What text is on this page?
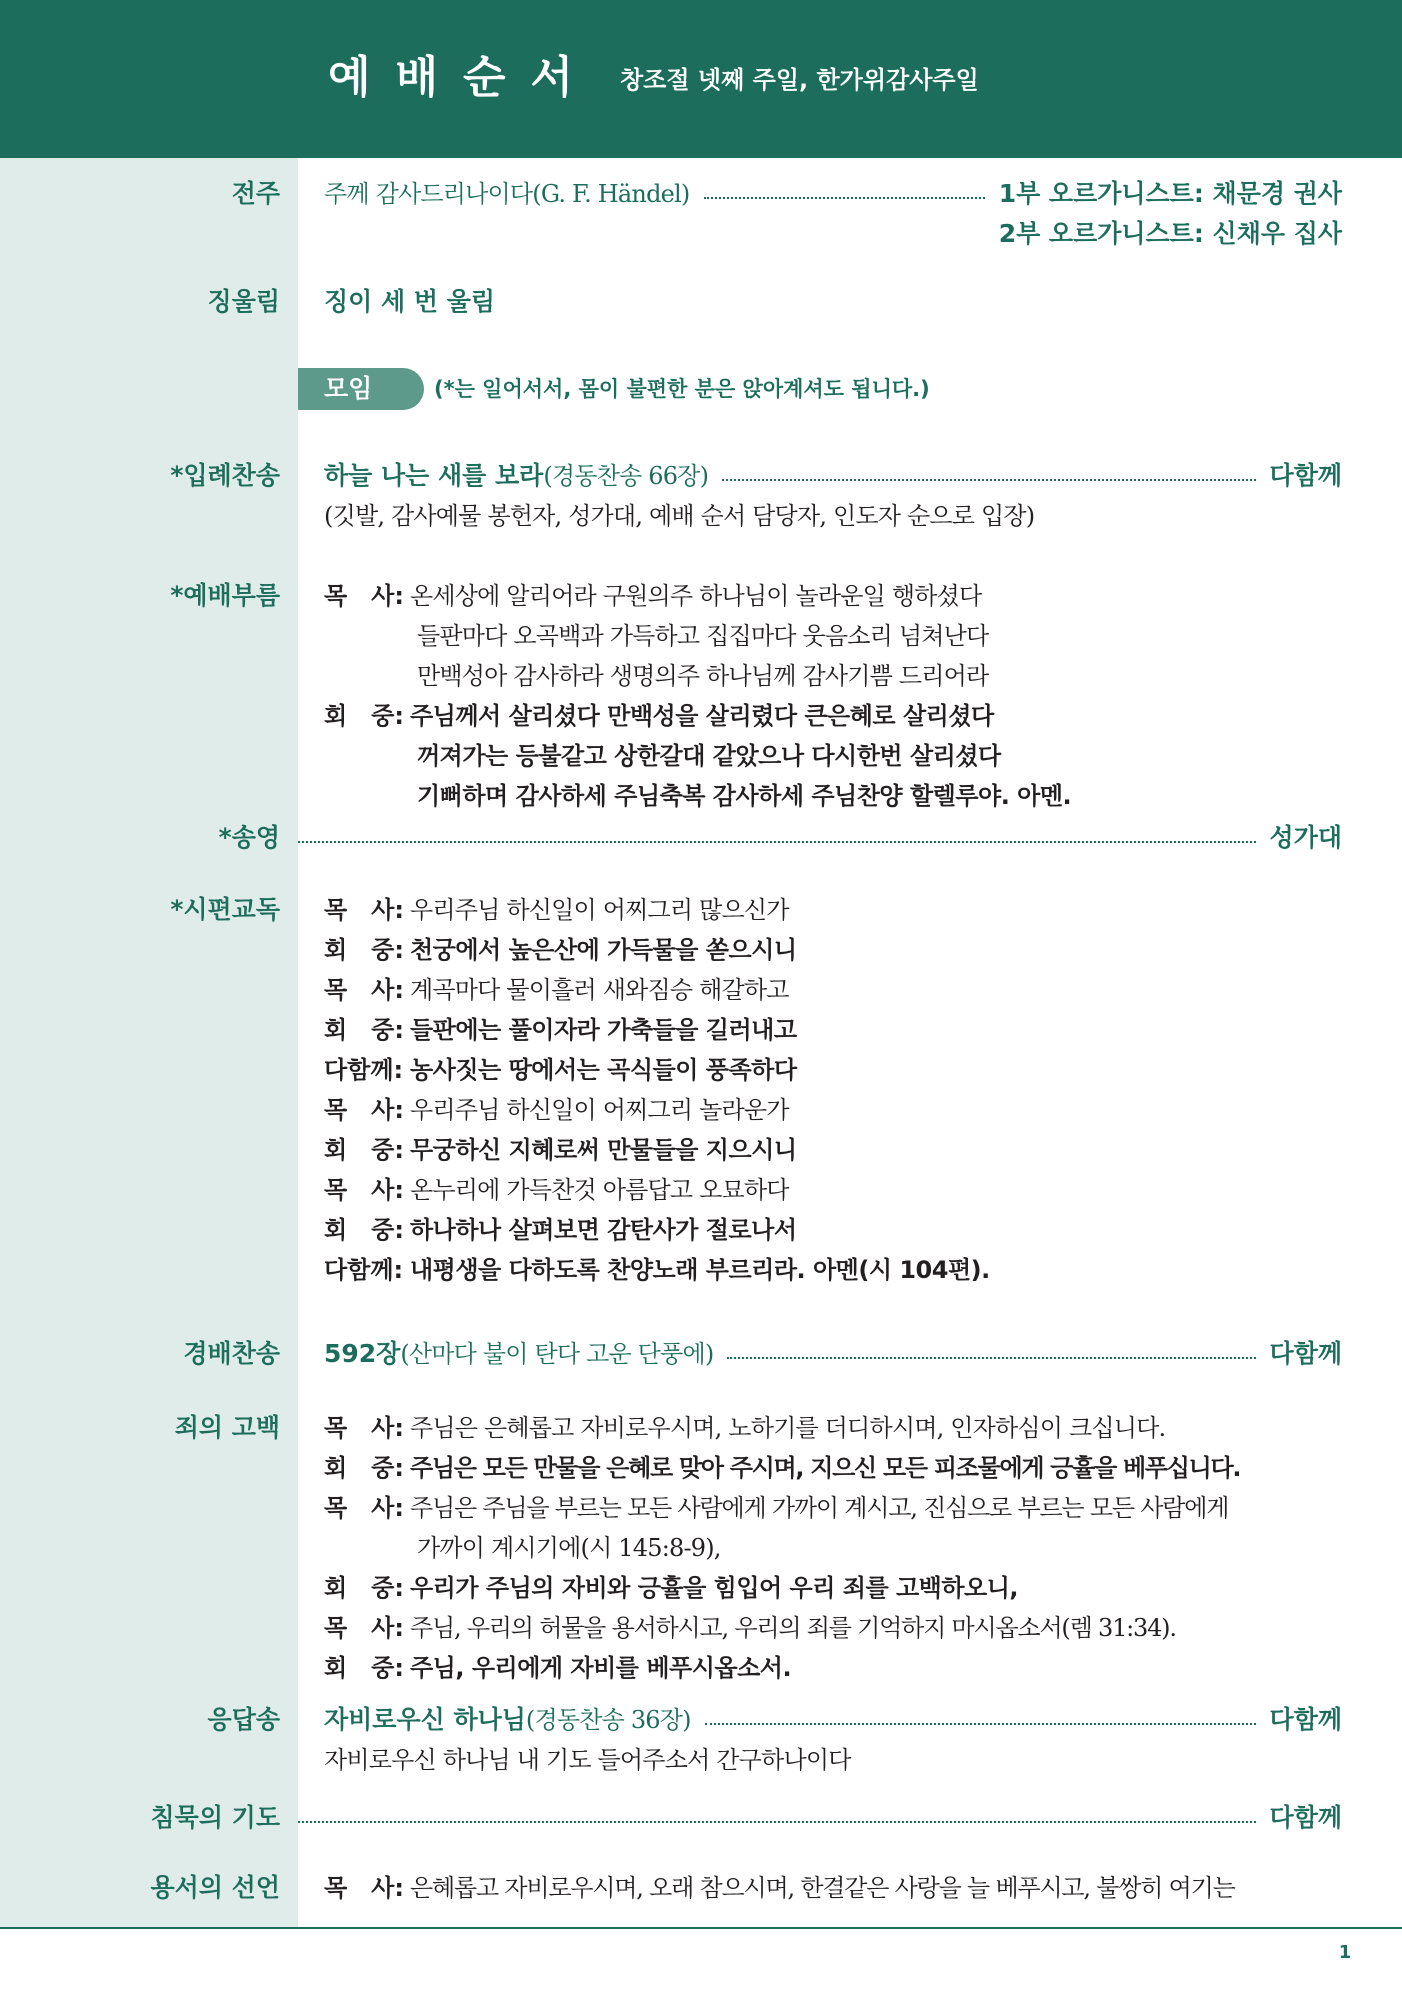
예배순서 창조절 넷째 주일, 한가위감사주일
전주 주께 감사드리나이다(G. F. Händel)	1부 오르가니스트: 채문경 권사
2부 오르가니스트: 신채우 집사
징울림 징이 세 번 울림
모임	(*는 일어서서, 몸이 불편한 분은 앉아계셔도 됩니다.)
*입례찬송 하늘 나는 새를 보라 (경동찬송 66장)	다함께
(깃발, 감사예물 봉헌자, 성가대, 예배 순서 담당자, 인도자 순으로 입장)
*예배부름 목　사: 온세상에 알리어라 구원의주 하나님이 놀라운일 행하셨다
들판마다 오곡백과 가득하고 집집마다 웃음소리 넘쳐난다
만백성아 감사하라 생명의주 하나님께 감사기쁨 드리어라
회　중: 주님께서 살리셨다 만백성을 살리렸다 큰은혜로 살리셨다
꺼져가는 등불같고 상한갈대 같았으나 다시한번 살리셨다
기뻐하며 감사하세 주님축복 감사하세 주님찬양 할렐루야. 아멘.
*송영	성가대
*시편교독 목　사: 우리주님 하신일이 어찌그리 많으신가
회　중: 천궁에서 높은산에 가득물을 쏟으시니
목　사: 계곡마다 물이흘러 새와짐승 해갈하고
회　중: 들판에는 풀이자라 가축들을 길러내고
다함께: 농사짓는 땅에서는 곡식들이 풍족하다
목　사: 우리주님 하신일이 어찌그리 놀라운가
회　중: 무궁하신 지혜로써 만물들을 지으시니
목　사: 온누리에 가득찬것 아름답고 오묘하다
회　중: 하나하나 살펴보면 감탄사가 절로나서
다함께: 내평생을 다하도록 찬양노래 부르리라. 아멘(시 104편).
경배찬송 592장 (산마다 불이 탄다 고운 단풍에)	다함께
죄의 고백 목　사: 주님은 은혜롭고 자비로우시며, 노하기를 더디하시며, 인자하심이 크십니다.
회　중: 주님은 모든 만물을 은혜로 맞아 주시며, 지으신 모든 피조물에게 긍휼을 베푸십니다.
목　사: 주님은 주님을 부르는 모든 사람에게 가까이 계시고, 진심으로 부르는 모든 사람에게
가까이 계시기에(시 145:8-9),
회　중: 우리가 주님의 자비와 긍휼을 힘입어 우리 죄를 고백하오니,
목　사: 주님, 우리의 허물을 용서하시고, 우리의 죄를 기억하지 마시옵소서(렘 31:34).
회　중: 주님, 우리에게 자비를 베푸시옵소서.
응답송 자비로우신 하나님 (경동찬송 36장)	다함께
자비로우신 하나님 내 기도 들어주소서 간구하나이다
침묵의 기도	다함께
용서의 선언 목　사: 은혜롭고 자비로우시며, 오래 참으시며, 한결같은 사랑을 늘 베푸시고, 불쌍히 여기는
1
